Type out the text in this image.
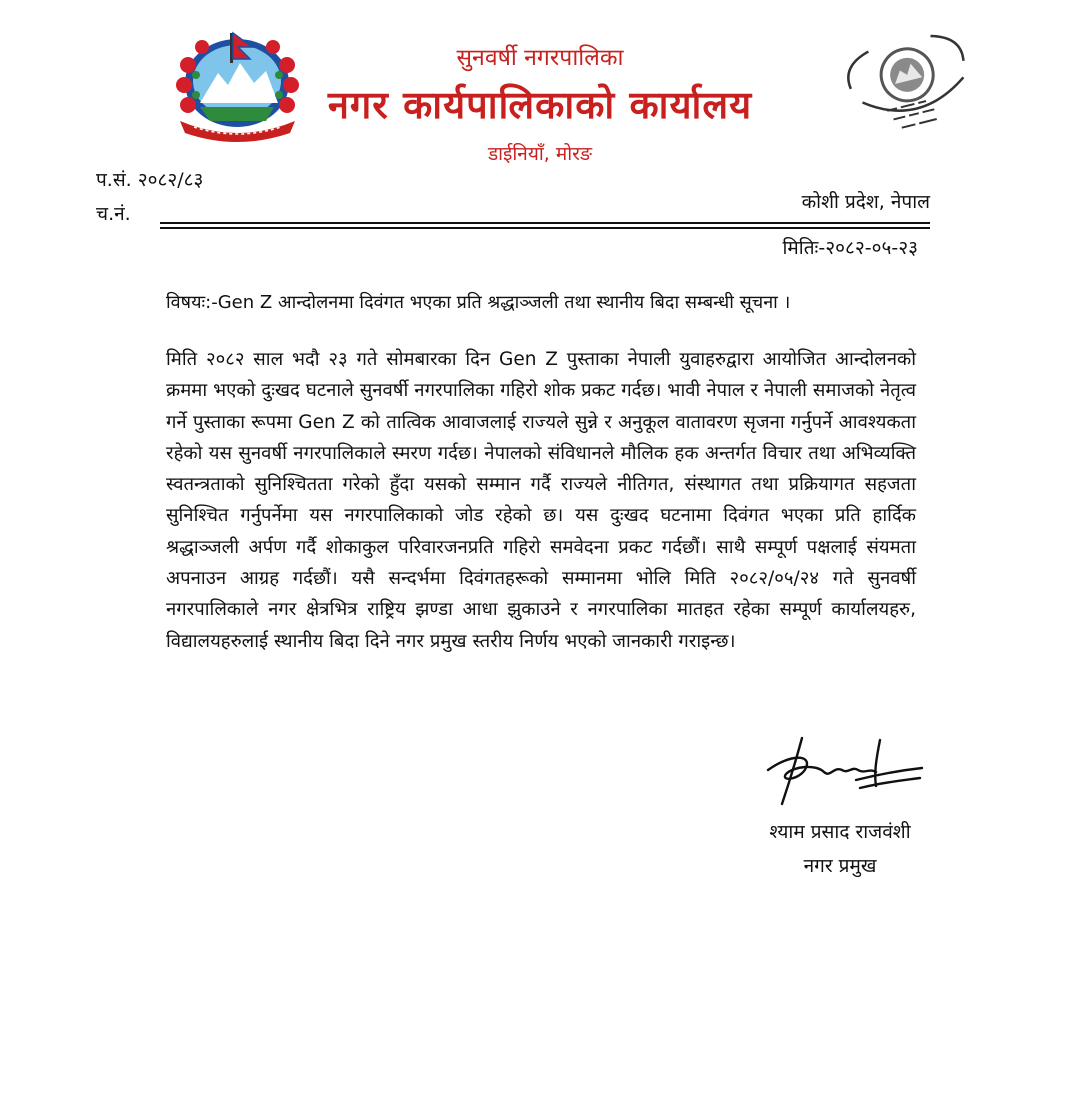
सुनवर्षी नगरपालिका
नगर कार्यपालिकाको कार्यालय
डाईनियाँ, मोरङ
प.सं. २०८२/८३
च.नं.
कोशी प्रदेश, नेपाल
मितिः-२०८२-०५-२३
विषयः:-Gen Z आन्दोलनमा दिवंगत भएका प्रति श्रद्धाञ्जली तथा स्थानीय बिदा सम्बन्धी सूचना ।
मिति २०८२ साल भदौ २३ गते सोमबारका दिन Gen Z पुस्ताका नेपाली युवाहरुद्वारा आयोजित आन्दोलनको क्रममा भएको दुःखद घटनाले सुनवर्षी नगरपालिका गहिरो शोक प्रकट गर्दछ। भावी नेपाल र नेपाली समाजको नेतृत्व गर्ने पुस्ताका रूपमा Gen Z को तात्विक आवाजलाई राज्यले सुन्ने र अनुकूल वातावरण सृजना गर्नुपर्ने आवश्यकता रहेको यस सुनवर्षी नगरपालिकाले स्मरण गर्दछ। नेपालको संविधानले मौलिक हक अन्तर्गत विचार तथा अभिव्यक्ति स्वतन्त्रताको सुनिश्चितता गरेको हुँदा यसको सम्मान गर्दै राज्यले नीतिगत, संस्थागत तथा प्रक्रियागत सहजता सुनिश्चित गर्नुपर्नेमा यस नगरपालिकाको जोड रहेको छ। यस दुःखद घटनामा दिवंगत भएका प्रति हार्दिक श्रद्धाञ्जली अर्पण गर्दै शोकाकुल परिवारजनप्रति गहिरो समवेदना प्रकट गर्दछौं। साथै सम्पूर्ण पक्षलाई संयमता अपनाउन आग्रह गर्दछौं। यसै सन्दर्भमा दिवंगतहरूको सम्मानमा भोलि मिति २०८२/०५/२४ गते सुनवर्षी नगरपालिकाले नगर क्षेत्रभित्र राष्ट्रिय झण्डा आधा झुकाउने र नगरपालिका मातहत रहेका सम्पूर्ण कार्यालयहरु, विद्यालयहरुलाई स्थानीय बिदा दिने नगर प्रमुख स्तरीय निर्णय भएको जानकारी गराइन्छ।
श्याम प्रसाद राजवंशी
नगर प्रमुख
